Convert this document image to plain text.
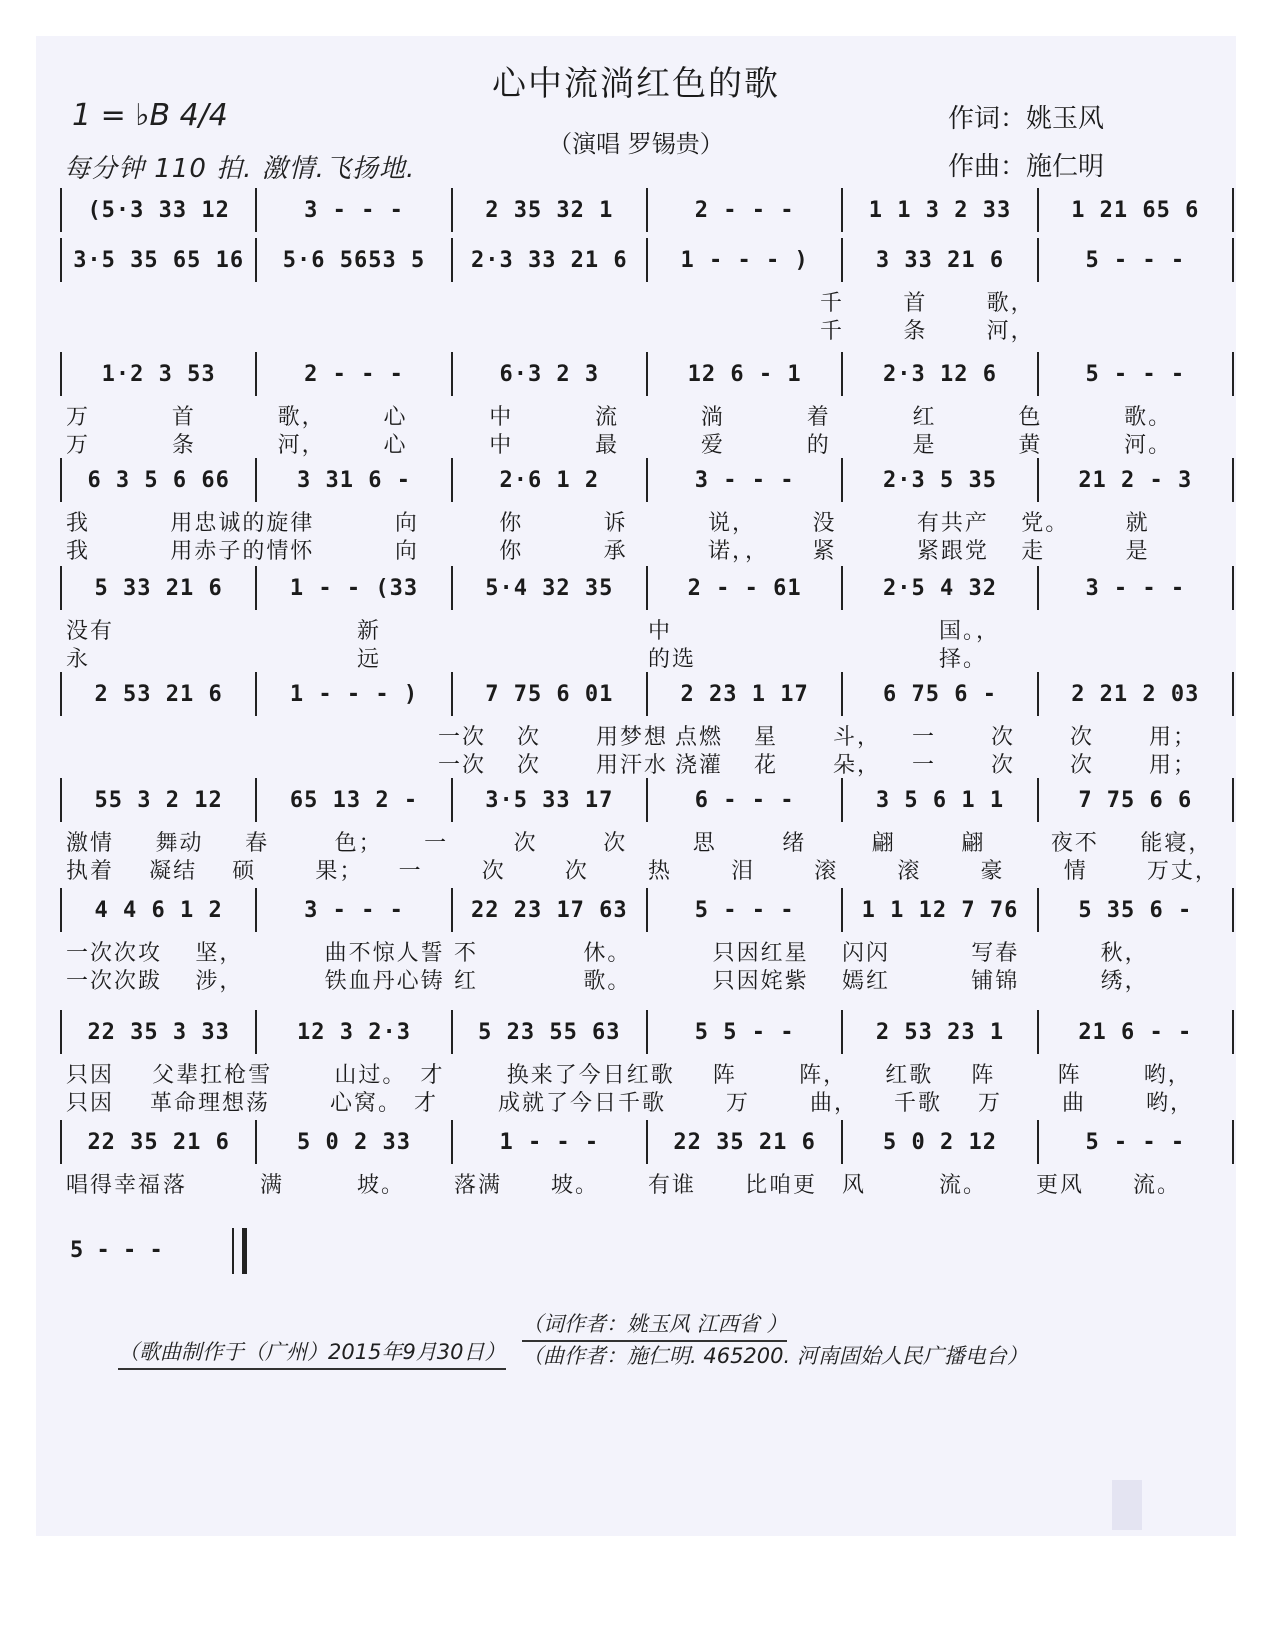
心中流淌红色的歌
（演唱 罗锡贵）
作词：姚玉风
作曲：施仁明
1 = ♭B 4/4
每分钟 110 拍. 激情.飞扬地.
(5·3 33 12	3 - - -	2 35 32 1	2 - - -	1 1 3 2 33	1 21 65 6
3·5 35 65 16	5·6 5653 5	2·3 33 21 6	1 - - - )	3 33 21 6	5 - - -
千	首	歌，
千	条	河，
1·2 3 53	2 - - -	6·3 2 3	12 6 - 1	2·3 12 6	5 - - -
万	首	歌，	心	中	流	淌	着	红	色	歌。
万	条	河，	心	中	最	爱	的	是	黄	河。
6 3 5 6 66	3 31 6 -	2·6 1 2	3 - - -	2·3 5 35	21 2 - 3
我	用忠诚的旋 律	向	你	诉	说，	没	有共产	党。	就
我	用赤子的情 怀	向	你	承	诺，，	紧	紧跟党	走	是
5 33 21 6	1 - - (33	5·4 32 35	2 - - 61	2·5 4 32	3 - - -
没有	新	中	国。，
永	远	的选	择。
2 53 21 6	1 - - - )	7 75 6 01	2 23 1 17	6 75 6 -	2 21 2 03
一次	次	用梦想 点燃	星	斗，	一	次	次	用；
一次	次	用汗水 浇灌	花	朵，	一	次	次	用；
55 3 2 12	65 13 2 -	3·5 33 17	6 - - -	3 5 6 1 1	7 75 6 6
激情	舞动	春	色；	一	次	次	思	绪	翩	翩	夜不	能寝，
执着	凝结	硕	果；	一	次	次	热	泪	滚	滚	豪	情	万丈，
4 4 6 1 2	3 - - -	22 23 17 63	5 - - -	1 1 12 7 76	5 35 6 -
一次次攻	坚，	曲不惊人誓 不	休。	只因红星	闪闪	写春	秋，
一次次跋	涉，	铁血丹心铸 红	歌。	只因姹紫	嫣红	铺锦	绣，
22 35 3 33	12 3 2·3	5 23 55 63	5 5 - -	2 53 23 1	21 6 - -
只因	父辈扛枪 雪	山过。 才	换来了今日 红歌	阵	阵，	红歌	阵	阵	哟，
只因	革命理想 荡	心窝。 才	成就了今日千 歌	万	曲，	千歌	万	曲	哟，
22 35 21 6	5 0 2 33	1 - - -	22 35 21 6	5 0 2 12	5 - - -
唱得幸福 落	满	坡。	落满	坡。	有谁	比咱更	风	流。	更风	流。
5 - - -
（歌曲制作于（广州）2015年9月30日）
（词作者：姚玉风 江西省 ）
（曲作者：施仁明. 465200. 河南固始人民广播电台）
